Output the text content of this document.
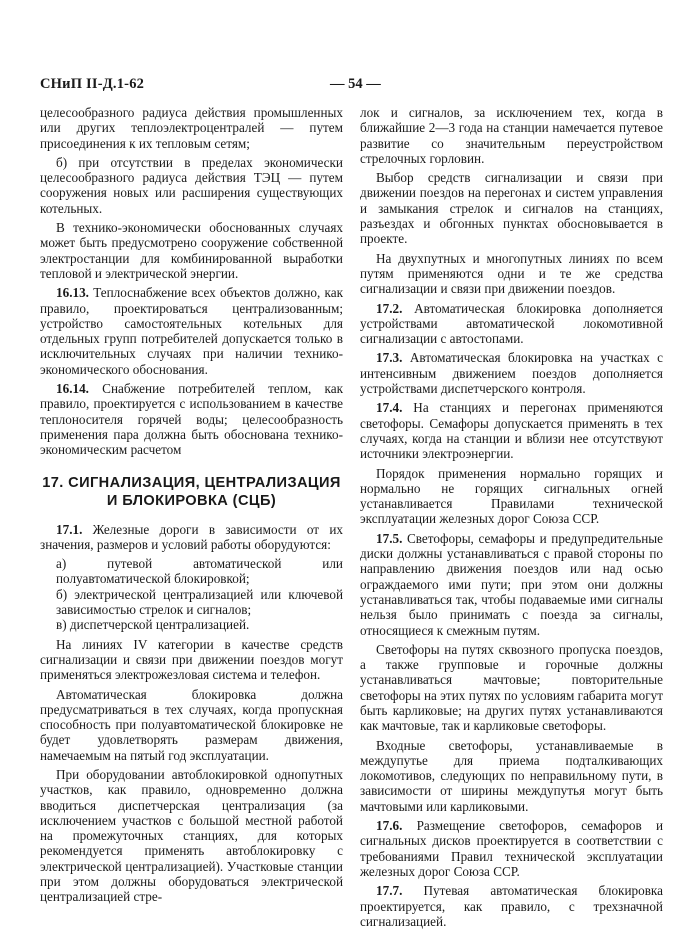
СНиП II-Д.1-62	— 54 —

целесообразного радиуса действия промышленных или других теплоэлектроцентралей — путем присоединения к их тепловым сетям;

б) при отсутствии в пределах экономически целесообразного радиуса действия ТЭЦ — путем сооружения новых или расширения существующих котельных.

В технико-экономически обоснованных случаях может быть предусмотрено сооружение собственной электростанции для комбинированной выработки тепловой и электрической энергии.

16.13. Теплоснабжение всех объектов должно, как правило, проектироваться централизованным; устройство самостоятельных котельных для отдельных групп потребителей допускается только в исключительных случаях при наличии технико-экономического обоснования.

16.14. Снабжение потребителей теплом, как правило, проектируется с использованием в качестве теплоносителя горячей воды; целесообразность применения пара должна быть обоснована технико-экономическим расчетом

17. СИГНАЛИЗАЦИЯ, ЦЕНТРАЛИЗАЦИЯ
И БЛОКИРОВКА (СЦБ)

17.1. Железные дороги в зависимости от их значения, размеров и условий работы оборудуются:

а) путевой автоматической или полуавтоматической блокировкой;

б) электрической централизацией или ключевой зависимостью стрелок и сигналов;

в) диспетчерской централизацией.

На линиях IV категории в качестве средств сигнализации и связи при движении поездов могут применяться электрожезловая система и телефон.

Автоматическая блокировка должна предусматриваться в тех случаях, когда пропускная способность при полуавтоматической блокировке не будет удовлетворять размерам движения, намечаемым на пятый год эксплуатации.

При оборудовании автоблокировкой однопутных участков, как правило, одновременно должна вводиться диспетчерская централизация (за исключением участков с большой местной работой на промежуточных станциях, для которых рекомендуется применять автоблокировку с электрической централизацией). Участковые станции при этом должны оборудоваться электрической централизацией стре-

лок и сигналов, за исключением тех, когда в ближайшие 2—3 года на станции намечается путевое развитие со значительным переустройством стрелочных горловин.

Выбор средств сигнализации и связи при движении поездов на перегонах и систем управления и замыкания стрелок и сигналов на станциях, разъездах и обгонных пунктах обосновывается в проекте.

На двухпутных и многопутных линиях по всем путям применяются одни и те же средства сигнализации и связи при движении поездов.

17.2. Автоматическая блокировка дополняется устройствами автоматической локомотивной сигнализации с автостопами.

17.3. Автоматическая блокировка на участках с интенсивным движением поездов дополняется устройствами диспетчерского контроля.

17.4. На станциях и перегонах применяются светофоры. Семафоры допускается применять в тех случаях, когда на станции и вблизи нее отсутствуют источники электроэнергии.

Порядок применения нормально горящих и нормально не горящих сигнальных огней устанавливается Правилами технической эксплуатации железных дорог Союза ССР.

17.5. Светофоры, семафоры и предупредительные диски должны устанавливаться с правой стороны по направлению движения поездов или над осью ограждаемого ими пути; при этом они должны устанавливаться так, чтобы подаваемые ими сигналы нельзя было принимать с поезда за сигналы, относящиеся к смежным путям.

Светофоры на путях сквозного пропуска поездов, а также групповые и горочные должны устанавливаться мачтовые; повторительные светофоры на этих путях по условиям габарита могут быть карликовые; на других путях устанавливаются как мачтовые, так и карликовые светофоры.

Входные светофоры, устанавливаемые в междупутье для приема подталкивающих локомотивов, следующих по неправильному пути, в зависимости от ширины междупутья могут быть мачтовыми или карликовыми.

17.6. Размещение светофоров, семафоров и сигнальных дисков проектируется в соответствии с требованиями Правил технической эксплуатации железных дорог Союза ССР.

17.7. Путевая автоматическая блокировка проектируется, как правило, с трехзначной сигнализацией.
